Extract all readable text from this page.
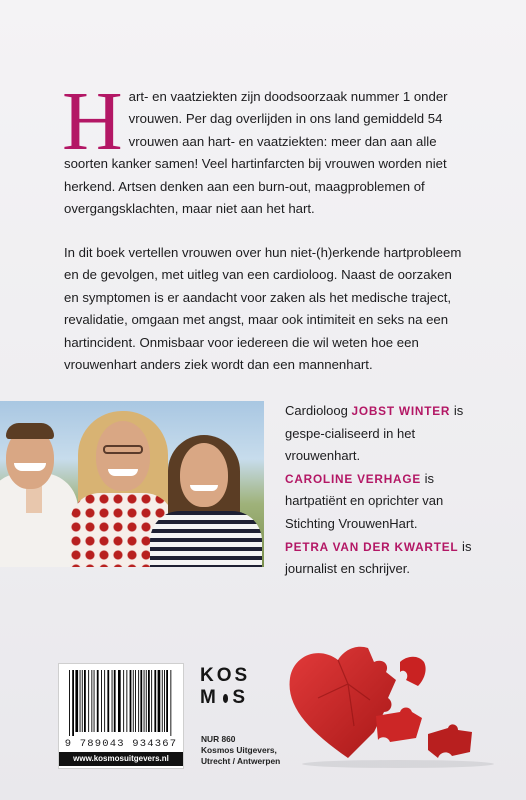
Hart- en vaatziekten zijn doodsoorzaak nummer 1 onder vrouwen. Per dag overlijden in ons land gemiddeld 54 vrouwen aan hart- en vaatziekten: meer dan aan alle soorten kanker samen! Veel hartinfarcten bij vrouwen worden niet herkend. Artsen denken aan een burn-out, maagproblemen of overgangsklachten, maar niet aan het hart.

In dit boek vertellen vrouwen over hun niet-(h)erkende hartprobleem en de gevolgen, met uitleg van een cardioloog. Naast de oorzaken en symptomen is er aandacht voor zaken als het medische traject, revalidatie, omgaan met angst, maar ook intimiteit en seks na een hartincident. Onmisbaar voor iedereen die wil weten hoe een vrouwenhart anders ziek wordt dan een mannenhart.

Cardioloog JOBST WINTER is gespe-cialiseerd in het vrouwenhart.

CAROLINE VERHAGE is hartpatiënt en oprichter van Stichting VrouwenHart.

PETRA VAN DER KWARTEL is journalist en schrijver.

9 789043 934367
www.kosmosuitgevers.nl
KOS
M S
NUR 860
Kosmos Uitgevers,
Utrecht / Antwerpen
